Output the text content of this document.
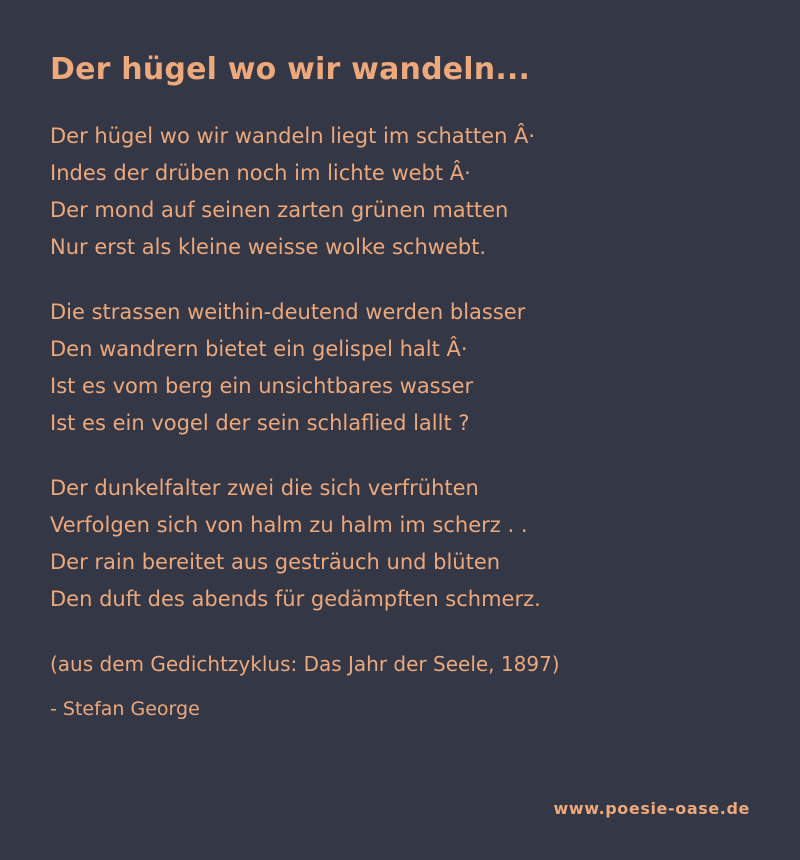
Der hügel wo wir wandeln...
Der hügel wo wir wandeln liegt im schatten Â·
Indes der drüben noch im lichte webt Â·
Der mond auf seinen zarten grünen matten
Nur erst als kleine weisse wolke schwebt.
Die strassen weithin-deutend werden blasser
Den wandrern bietet ein gelispel halt Â·
Ist es vom berg ein unsichtbares wasser
Ist es ein vogel der sein schlaflied lallt ?
Der dunkelfalter zwei die sich verfrühten
Verfolgen sich von halm zu halm im scherz . .
Der rain bereitet aus gesträuch und blüten
Den duft des abends für gedämpften schmerz.
(aus dem Gedichtzyklus: Das Jahr der Seele, 1897)
- Stefan George
www.poesie-oase.de
